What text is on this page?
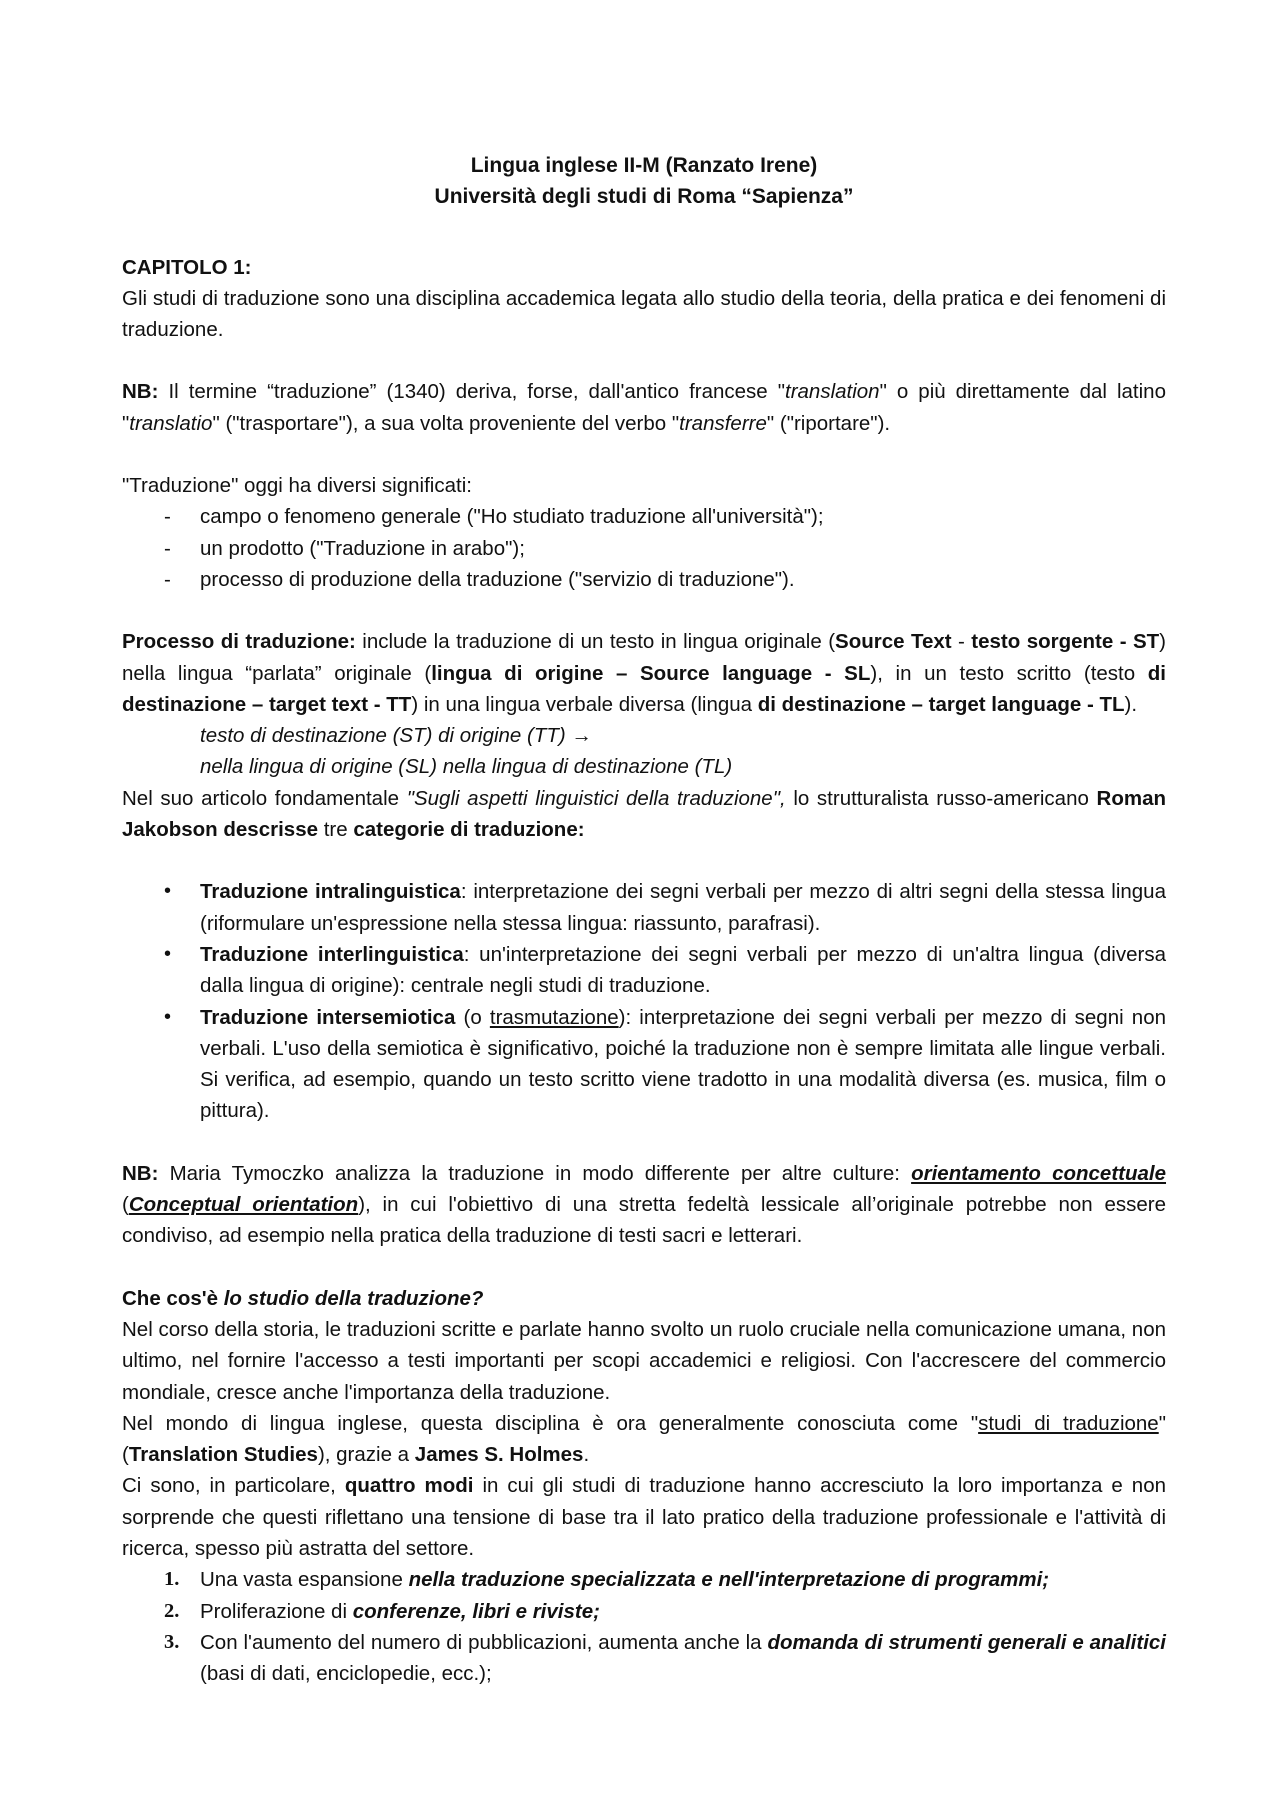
Lingua inglese II-M (Ranzato Irene)
Università degli studi di Roma “Sapienza”

CAPITOLO 1:

Gli studi di traduzione sono una disciplina accademica legata allo studio della teoria, della pratica e dei fenomeni di traduzione.

NB: Il termine “traduzione” (1340) deriva, forse, dall'antico francese "translation" o più direttamente dal latino "translatio" ("trasportare"), a sua volta proveniente del verbo "transferre" ("riportare").

"Traduzione" oggi ha diversi significati:

- campo o fenomeno generale ("Ho studiato traduzione all'università");
- un prodotto ("Traduzione in arabo");
- processo di produzione della traduzione ("servizio di traduzione").

Processo di traduzione: include la traduzione di un testo in lingua originale (Source Text - testo sorgente - ST) nella lingua “parlata” originale (lingua di origine – Source language - SL), in un testo scritto (testo di destinazione – target text - TT) in una lingua verbale diversa (lingua di destinazione – target language - TL).

testo di destinazione (ST) di origine (TT) →
nella lingua di origine (SL) nella lingua di destinazione (TL)

Nel suo articolo fondamentale "Sugli aspetti linguistici della traduzione", lo strutturalista russo-americano Roman Jakobson descrisse tre categorie di traduzione:

• Traduzione intralinguistica: interpretazione dei segni verbali per mezzo di altri segni della stessa lingua (riformulare un'espressione nella stessa lingua: riassunto, parafrasi).
• Traduzione interlinguistica: un'interpretazione dei segni verbali per mezzo di un'altra lingua (diversa dalla lingua di origine): centrale negli studi di traduzione.
• Traduzione intersemiotica (o trasmutazione): interpretazione dei segni verbali per mezzo di segni non verbali. L'uso della semiotica è significativo, poiché la traduzione non è sempre limitata alle lingue verbali. Si verifica, ad esempio, quando un testo scritto viene tradotto in una modalità diversa (es. musica, film o pittura).

NB: Maria Tymoczko analizza la traduzione in modo differente per altre culture: orientamento concettuale (Conceptual orientation), in cui l'obiettivo di una stretta fedeltà lessicale all’originale potrebbe non essere condiviso, ad esempio nella pratica della traduzione di testi sacri e letterari.

Che cos'è lo studio della traduzione?

Nel corso della storia, le traduzioni scritte e parlate hanno svolto un ruolo cruciale nella comunicazione umana, non ultimo, nel fornire l'accesso a testi importanti per scopi accademici e religiosi. Con l'accrescere del commercio mondiale, cresce anche l'importanza della traduzione.

Nel mondo di lingua inglese, questa disciplina è ora generalmente conosciuta come "studi di traduzione" (Translation Studies), grazie a James S. Holmes.

Ci sono, in particolare, quattro modi in cui gli studi di traduzione hanno accresciuto la loro importanza e non sorprende che questi riflettano una tensione di base tra il lato pratico della traduzione professionale e l'attività di ricerca, spesso più astratta del settore.

1. Una vasta espansione nella traduzione specializzata e nell'interpretazione di programmi;
2. Proliferazione di conferenze, libri e riviste;
3. Con l'aumento del numero di pubblicazioni, aumenta anche la domanda di strumenti generali e analitici (basi di dati, enciclopedie, ecc.);
